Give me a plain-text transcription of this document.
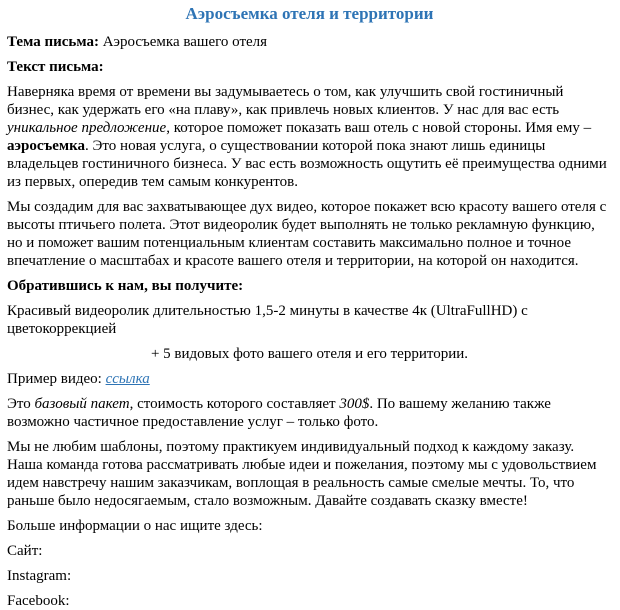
Аэросъемка отеля и территории

Тема письма: Аэросъемка вашего отеля

Текст письма:

Наверняка время от времени вы задумываетесь о том, как улучшить свой гостиничный бизнес, как удержать его «на плаву», как привлечь новых клиентов. У нас для вас есть уникальное предложение, которое поможет показать ваш отель с новой стороны. Имя ему – аэросъемка. Это новая услуга, о существовании которой пока знают лишь единицы владельцев гостиничного бизнеса. У вас есть возможность ощутить её преимущества одними из первых, опередив тем самым конкурентов.

Мы создадим для вас захватывающее дух видео, которое покажет всю красоту вашего отеля с высоты птичьего полета. Этот видеоролик будет выполнять не только рекламную функцию, но и поможет вашим потенциальным клиентам составить максимально полное и точное впечатление о масштабах и красоте вашего отеля и территории, на которой он находится.

Обратившись к нам, вы получите:

Красивый видеоролик длительностью 1,5-2 минуты в качестве 4к (UltraFullHD) с цветокоррекцией

+ 5 видовых фото вашего отеля и его территории.

Пример видео: ссылка

Это базовый пакет, стоимость которого составляет 300$. По вашему желанию также возможно частичное предоставление услуг – только фото.

Мы не любим шаблоны, поэтому практикуем индивидуальный подход к каждому заказу. Наша команда готова рассматривать любые идеи и пожелания, поэтому мы с удовольствием идем навстречу нашим заказчикам, воплощая в реальность самые смелые мечты. То, что раньше было недосягаемым, стало возможным. Давайте создавать сказку вместе!

Больше информации о нас ищите здесь:

Сайт:

Instagram:

Facebook:
